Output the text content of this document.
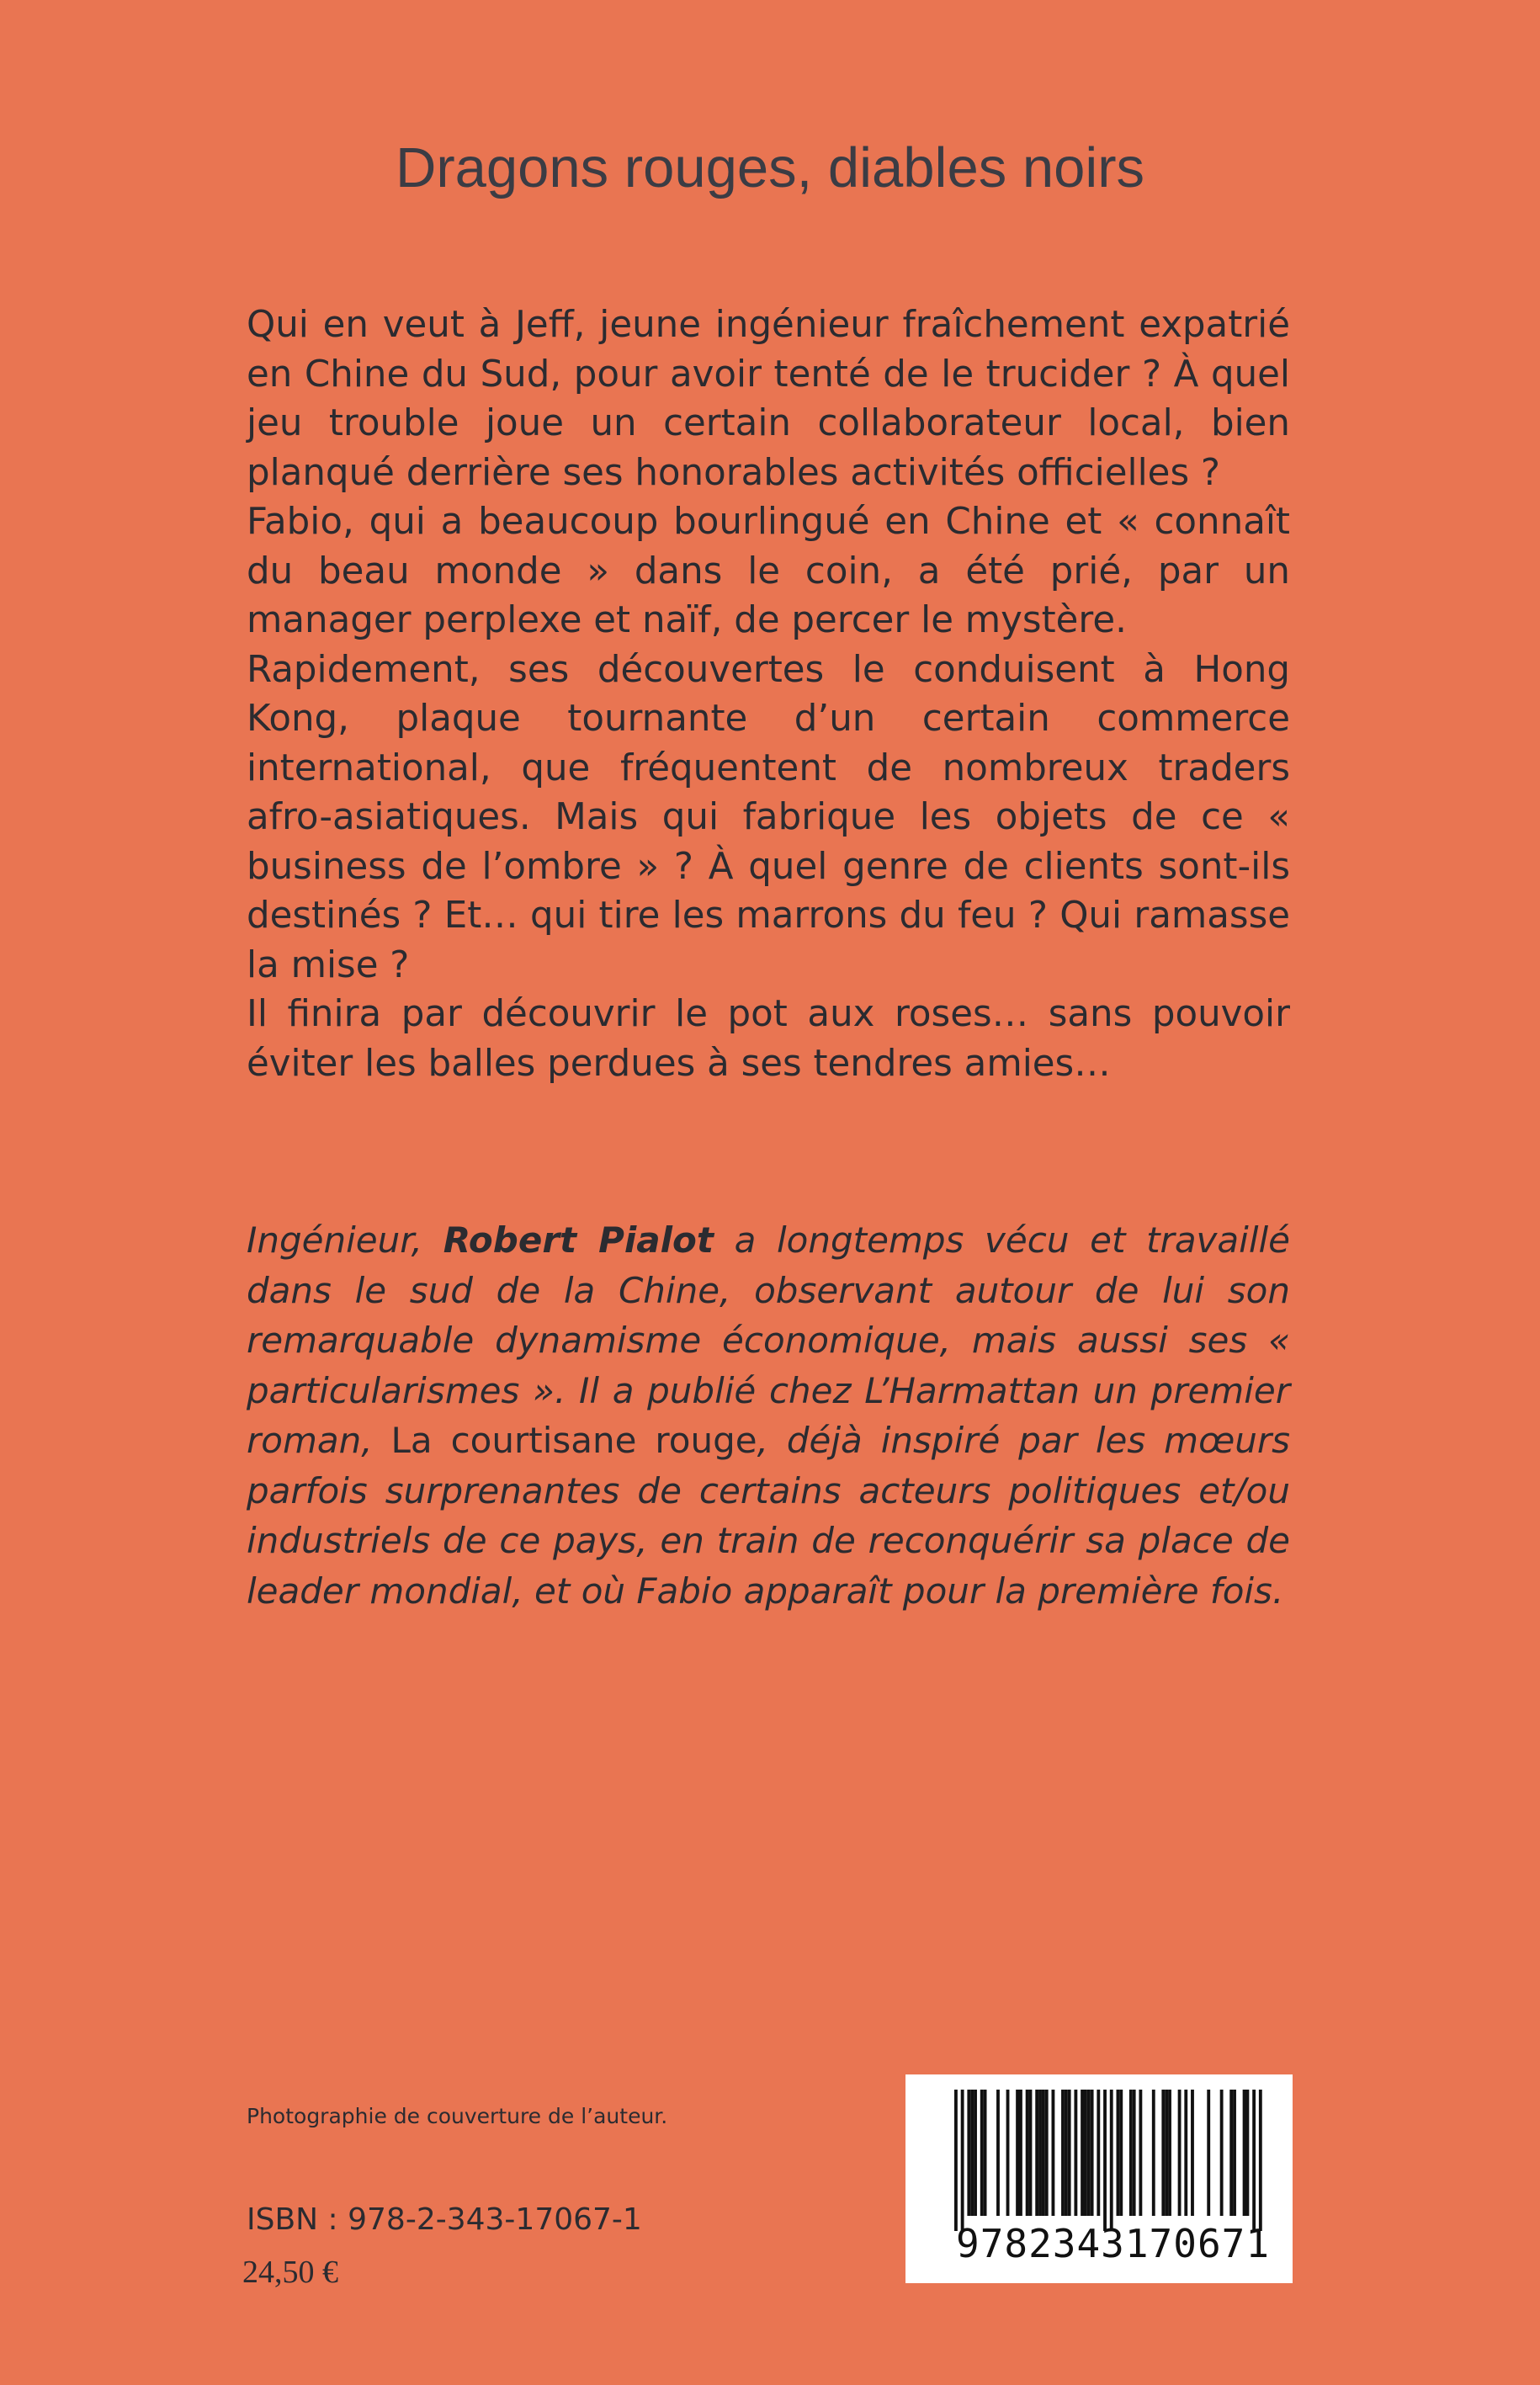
Dragons rouges, diables noirs

Qui en veut à Jeff, jeune ingénieur fraîchement expatrié en Chine du Sud, pour avoir tenté de le trucider ? À quel jeu trouble joue un certain collaborateur local, bien planqué derrière ses honorables activités officielles ?

Fabio, qui a beaucoup bourlingué en Chine et « connaît du beau monde » dans le coin, a été prié, par un manager perplexe et naïf, de percer le mystère.

Rapidement, ses découvertes le conduisent à Hong Kong, plaque tournante d’un certain commerce international, que fréquentent de nombreux traders afro-asiatiques. Mais qui fabrique les objets de ce « business de l’ombre » ? À quel genre de clients sont-ils destinés ? Et… qui tire les marrons du feu ? Qui ramasse la mise ?

Il finira par découvrir le pot aux roses… sans pouvoir éviter les balles perdues à ses tendres amies…

Ingénieur, Robert Pialot a longtemps vécu et travaillé dans le sud de la Chine, observant autour de lui son remarquable dynamisme économique, mais aussi ses « particularismes ». Il a publié chez L’Harmattan un premier roman, La courtisane rouge, déjà inspiré par les mœurs parfois surprenantes de certains acteurs politiques et/ou industriels de ce pays, en train de reconquérir sa place de leader mondial, et où Fabio apparaît pour la première fois.

Photographie de couverture de l’auteur.
ISBN : 978-2-343-17067-1
24,50 €
9782343170671
